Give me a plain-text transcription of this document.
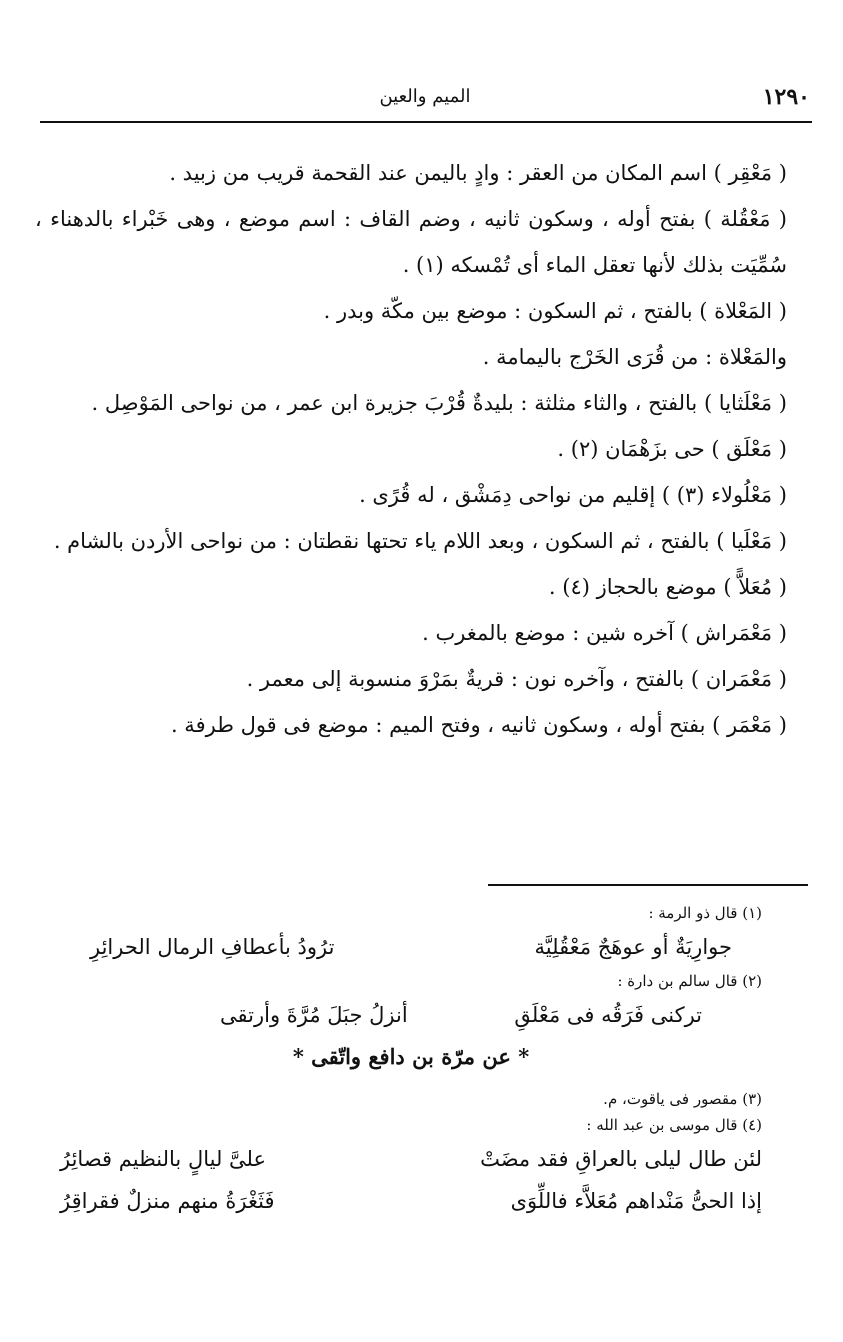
١٢٩٠
الميم والعين

( مَعْقِر ) اسم المكان من العقر : وادٍ باليمن عند القحمة قريب من زبيد .

( مَعْقُلة ) بفتح أوله ، وسكون ثانيه ، وضم القاف : اسم موضع ، وهى خَبْراء بالدهناء ، سُمِّيَت بذلك لأنها تعقل الماء أى تُمْسكه (١) .

( المَعْلاة ) بالفتح ، ثم السكون : موضع بين مكّة وبدر .

والمَعْلاة : من قُرَى الخَرْج باليمامة .

( مَعْلَثايا ) بالفتح ، والثاء مثلثة : بليدةٌ قُرْبَ جزيرة ابن عمر ، من نواحى المَوْصِل .

( مَعْلَق ) حى بزَهْمَان (٢) .

( مَعْلُولاء (٣) ) إقليم من نواحى دِمَشْق ، له قُرًى .

( مَعْلَيا ) بالفتح ، ثم السكون ، وبعد اللام ياء تحتها نقطتان : من نواحى الأردن بالشام .

( مُعَلاًّ ) موضع بالحجاز (٤) .

( مَعْمَراش ) آخره شين : موضع بالمغرب .

( مَعْمَران ) بالفتح ، وآخره نون : قريةٌ بمَرْوَ منسوبة إلى معمر .

( مَعْمَر ) بفتح أوله ، وسكون ثانيه ، وفتح الميم : موضع فى قول طرفة .

(١) قال ذو الرمة :

جوارِيَةٌ أو عوهَجٌ مَعْقُلِيَّة
ترُودُ بأعطافِ الرمال الحرائِرِ

(٢) قال سالم بن دارة :

تركنى فَرَقُه فى مَعْلَقِ
أنزلُ جبَلَ مُرَّةَ وأرتقى

* عن مرّة بن دافع واتّقى *

(٣) مقصور فى ياقوت، م.

(٤) قال موسى بن عبد الله :

لئن طال ليلى بالعراقِ فقد مضَتْ
علىَّ ليالٍ بالنظيم قصائِرُ
إذا الحىُّ مَنْداهم مُعَلاَّء فاللِّوَى
فَثَغْرَةُ منهم منزلٌ فقراقِرُ
